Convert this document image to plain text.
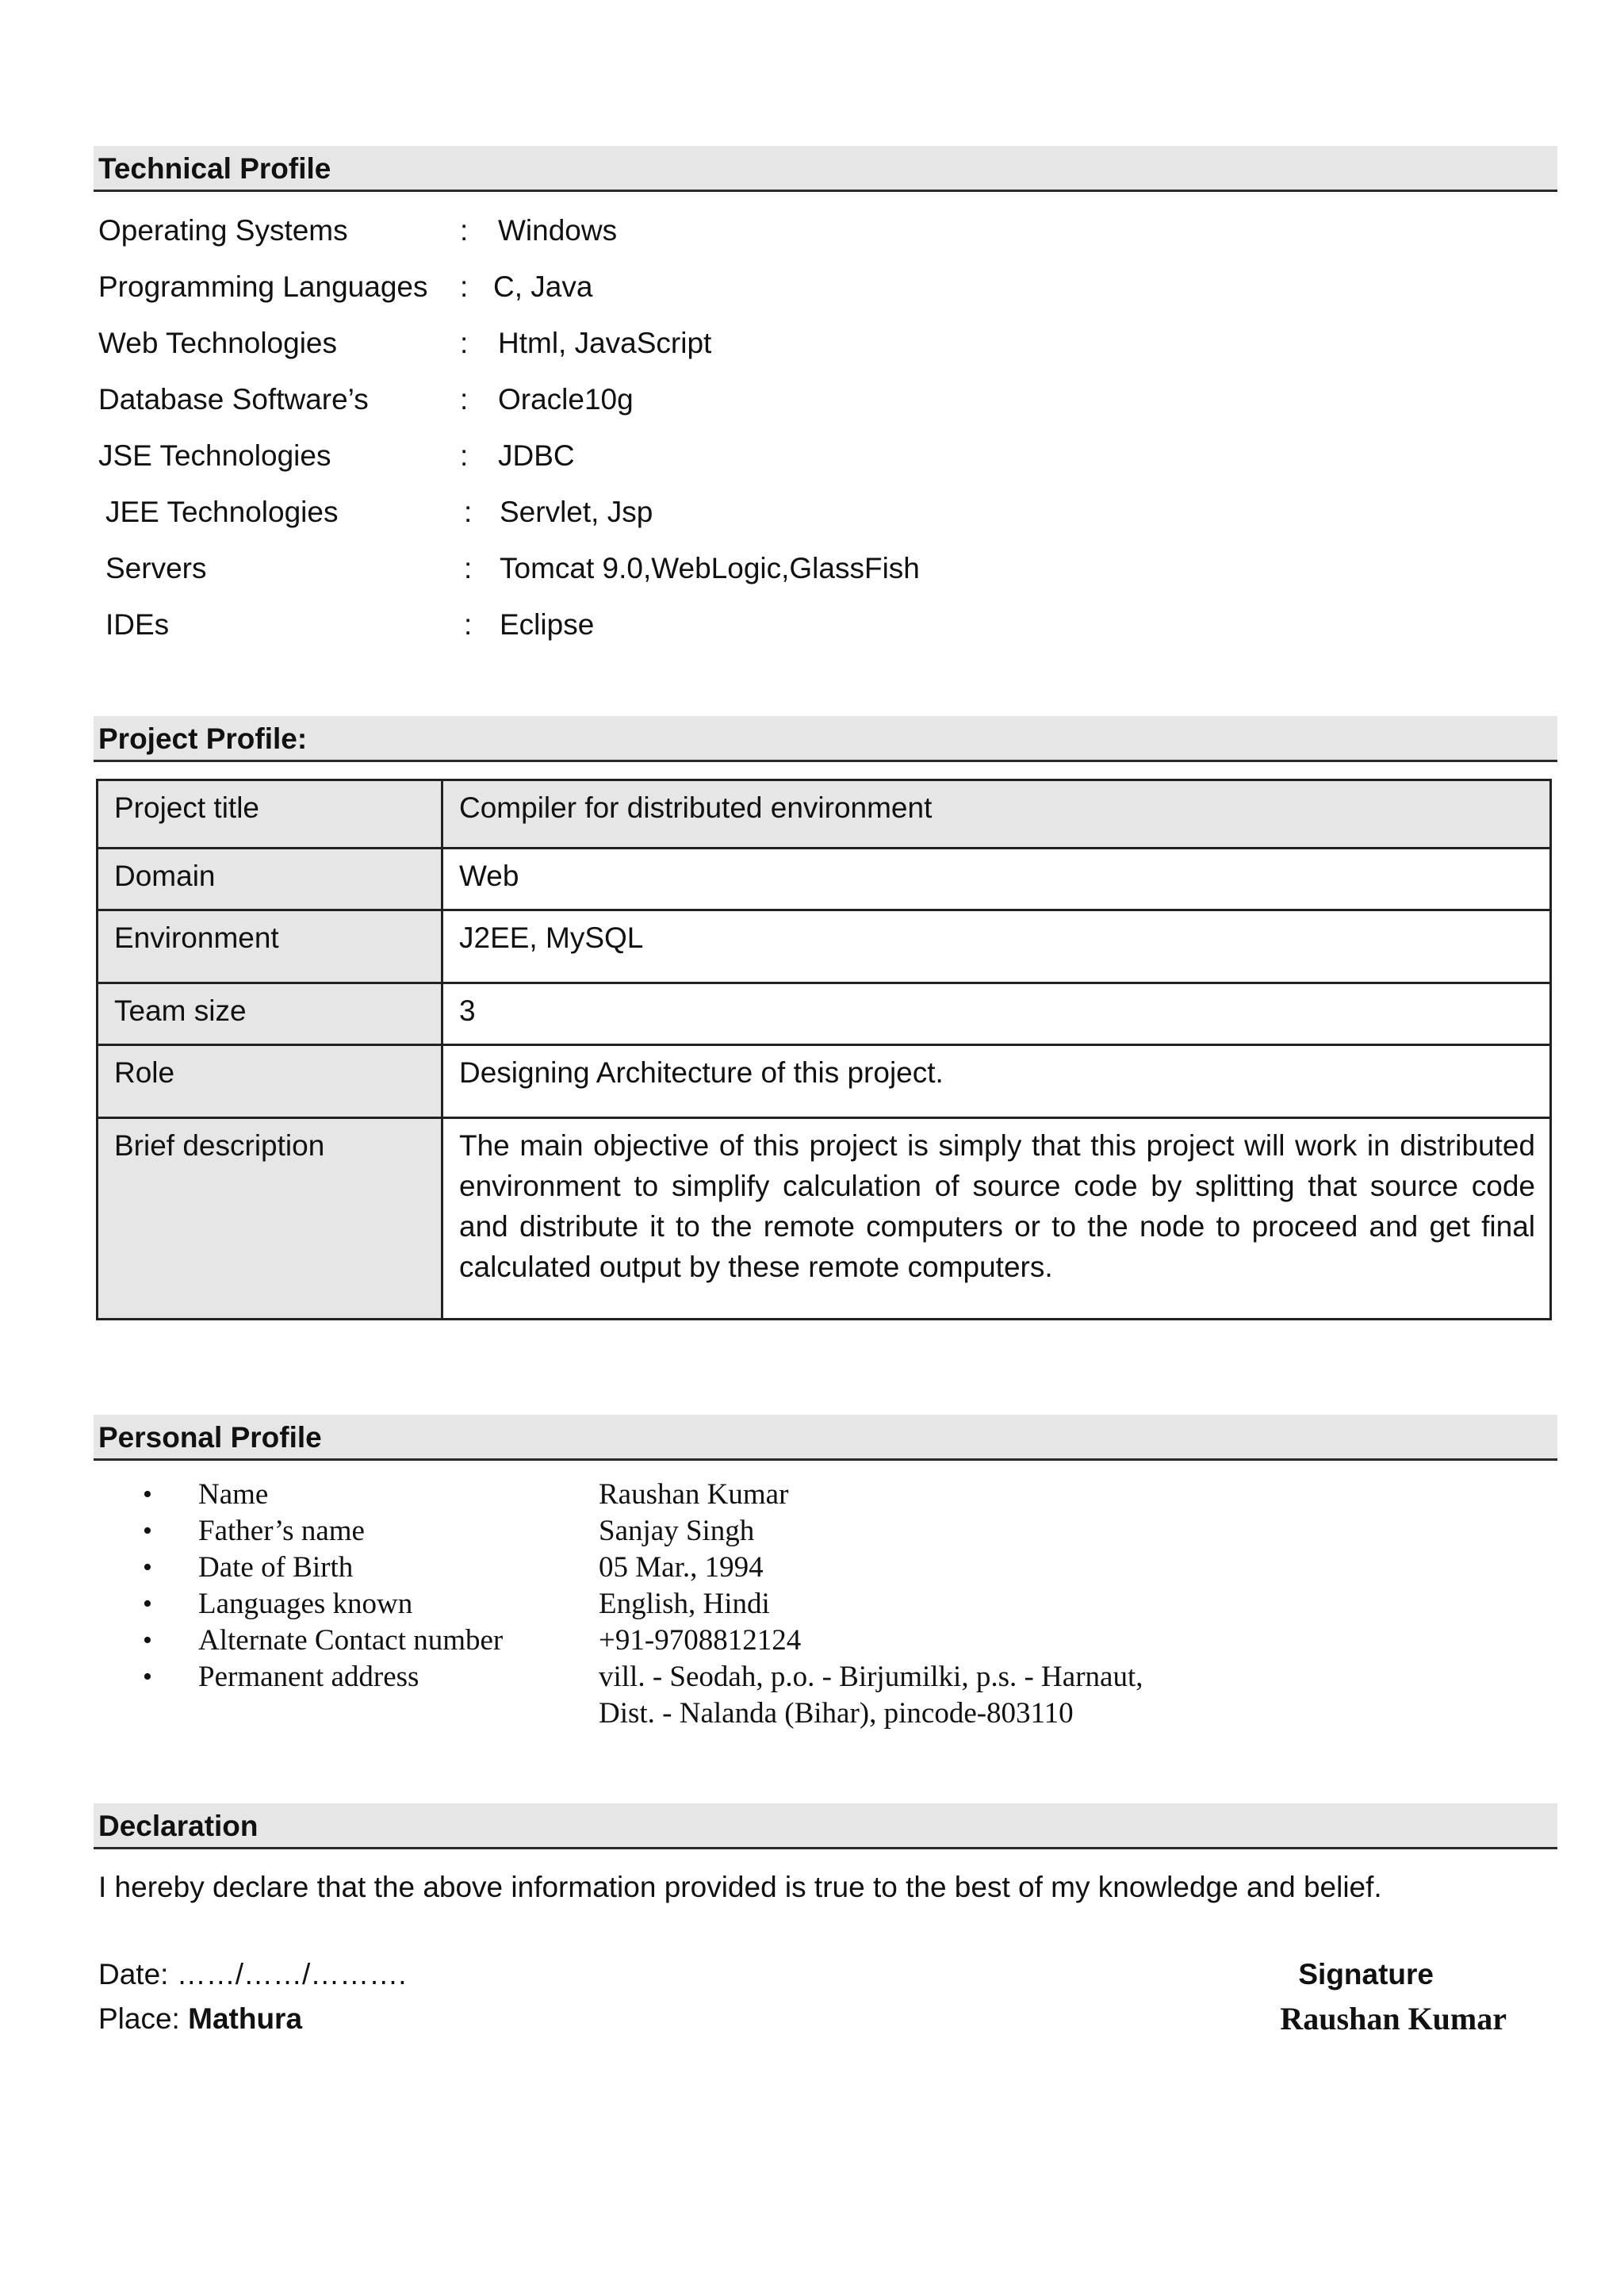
Technical Profile
Operating Systems	: Windows
Programming Languages : C, Java
Web Technologies	: Html, JavaScript
Database Software’s	: Oracle10g
JSE Technologies	: JDBC
JEE Technologies	: Servlet, Jsp
Servers	: Tomcat 9.0,WebLogic,GlassFish
IDEs	: Eclipse
Project Profile:
Project title	Compiler for distributed environment
Domain	Web
Environment	J2EE, MySQL
Team size	3
Role	Designing Architecture of this project.
Brief description	The main objective of this project is simply that this project will work in distributed environment to simplify calculation of source code by splitting that source code and distribute it to the remote computers or to the node to proceed and get final calculated output by these remote computers.
Personal Profile
• Name	Raushan Kumar
• Father’s name	Sanjay Singh
• Date of Birth	05 Mar., 1994
• Languages known	English, Hindi
• Alternate Contact number	+91-9708812124
• Permanent address	vill. - Seodah, p.o. - Birjumilki, p.s. - Harnaut,
Dist. - Nalanda (Bihar), pincode-803110
Declaration
I hereby declare that the above information provided is true to the best of my knowledge and belief.
Date: ……/……/……….
Place: Mathura
Signature
Raushan Kumar
